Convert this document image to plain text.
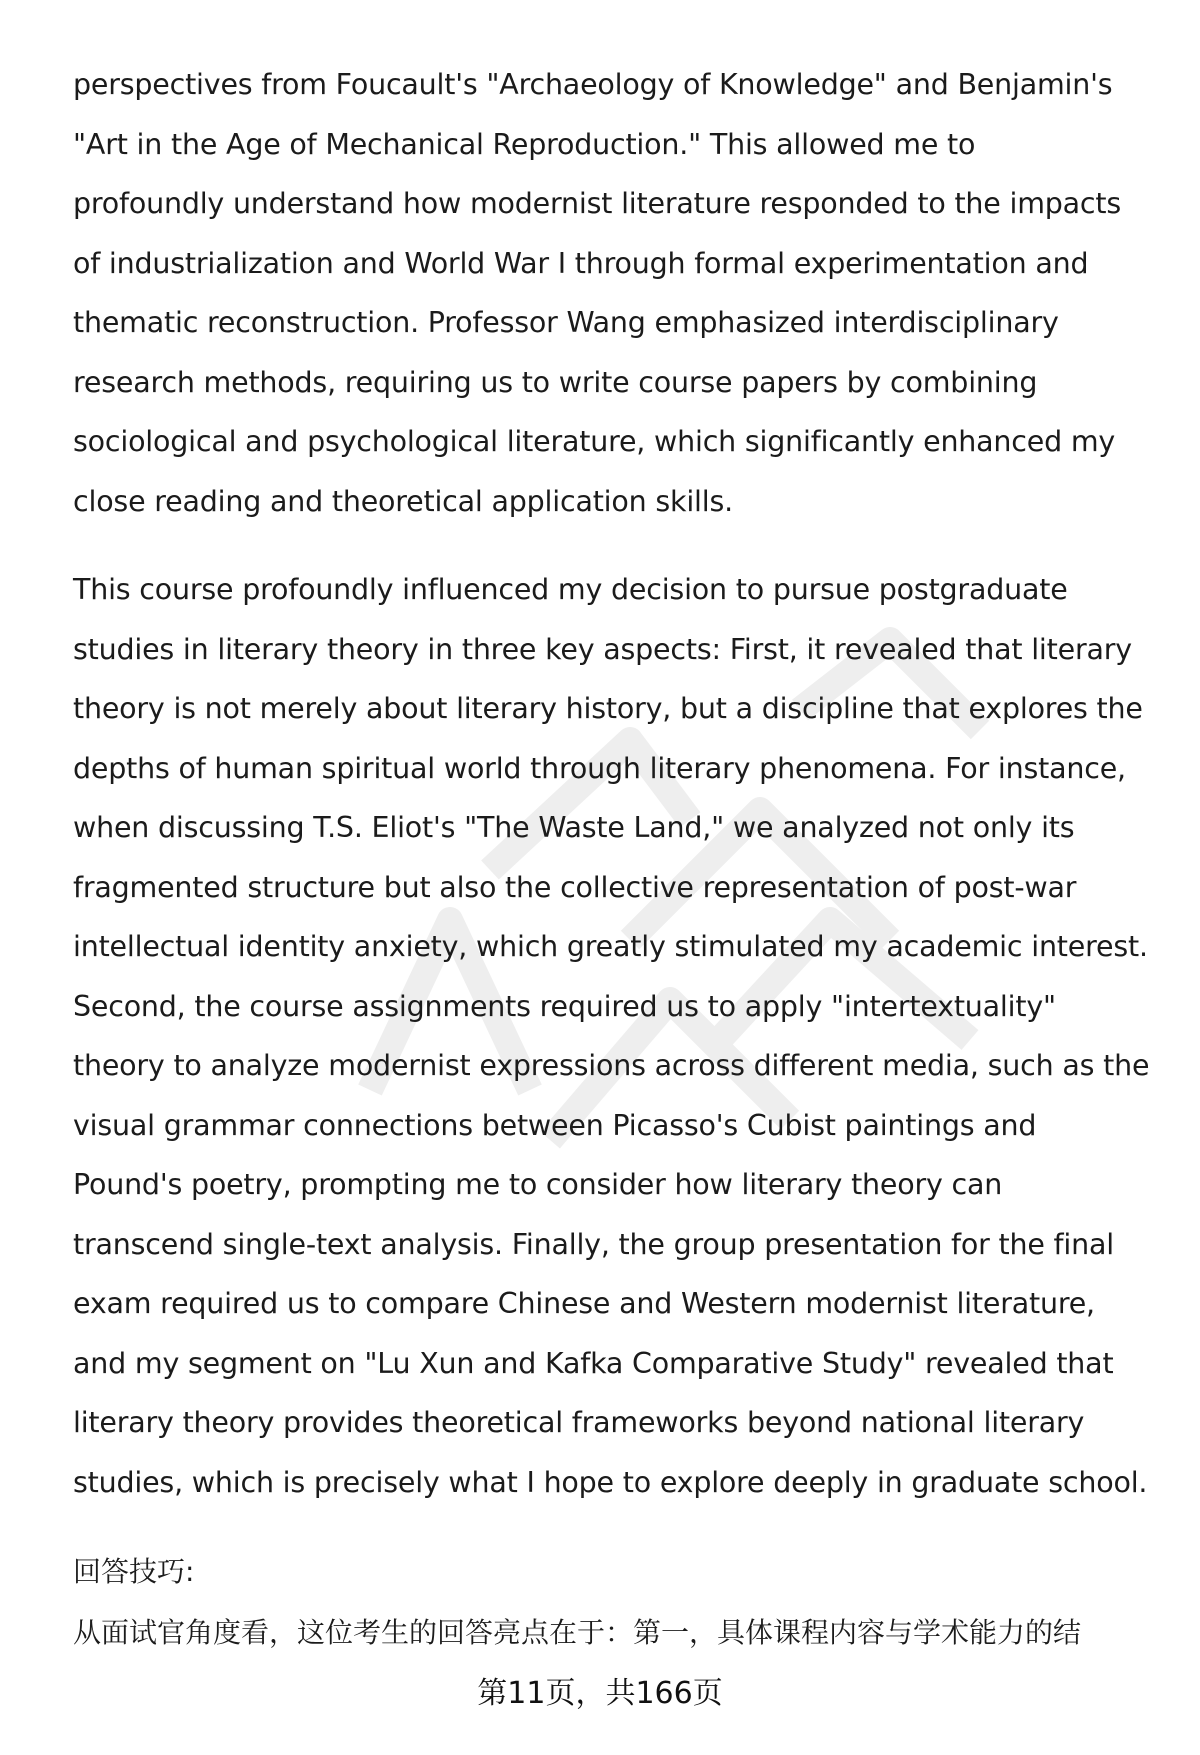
perspectives from Foucault's "Archaeology of Knowledge" and Benjamin's
"Art in the Age of Mechanical Reproduction." This allowed me to
profoundly understand how modernist literature responded to the impacts
of industrialization and World War I through formal experimentation and
thematic reconstruction. Professor Wang emphasized interdisciplinary
research methods, requiring us to write course papers by combining
sociological and psychological literature, which significantly enhanced my
close reading and theoretical application skills.

This course profoundly influenced my decision to pursue postgraduate
studies in literary theory in three key aspects: First, it revealed that literary
theory is not merely about literary history, but a discipline that explores the
depths of human spiritual world through literary phenomena. For instance,
when discussing T.S. Eliot's "The Waste Land," we analyzed not only its
fragmented structure but also the collective representation of post-war
intellectual identity anxiety, which greatly stimulated my academic interest.
Second, the course assignments required us to apply "intertextuality"
theory to analyze modernist expressions across different media, such as the
visual grammar connections between Picasso's Cubist paintings and
Pound's poetry, prompting me to consider how literary theory can
transcend single-text analysis. Finally, the group presentation for the final
exam required us to compare Chinese and Western modernist literature,
and my segment on "Lu Xun and Kafka Comparative Study" revealed that
literary theory provides theoretical frameworks beyond national literary
studies, which is precisely what I hope to explore deeply in graduate school.

回答技巧:
从面试官角度看，这位考生的回答亮点在于：第一，具体课程内容与学术能力的结
第11页，共166页
